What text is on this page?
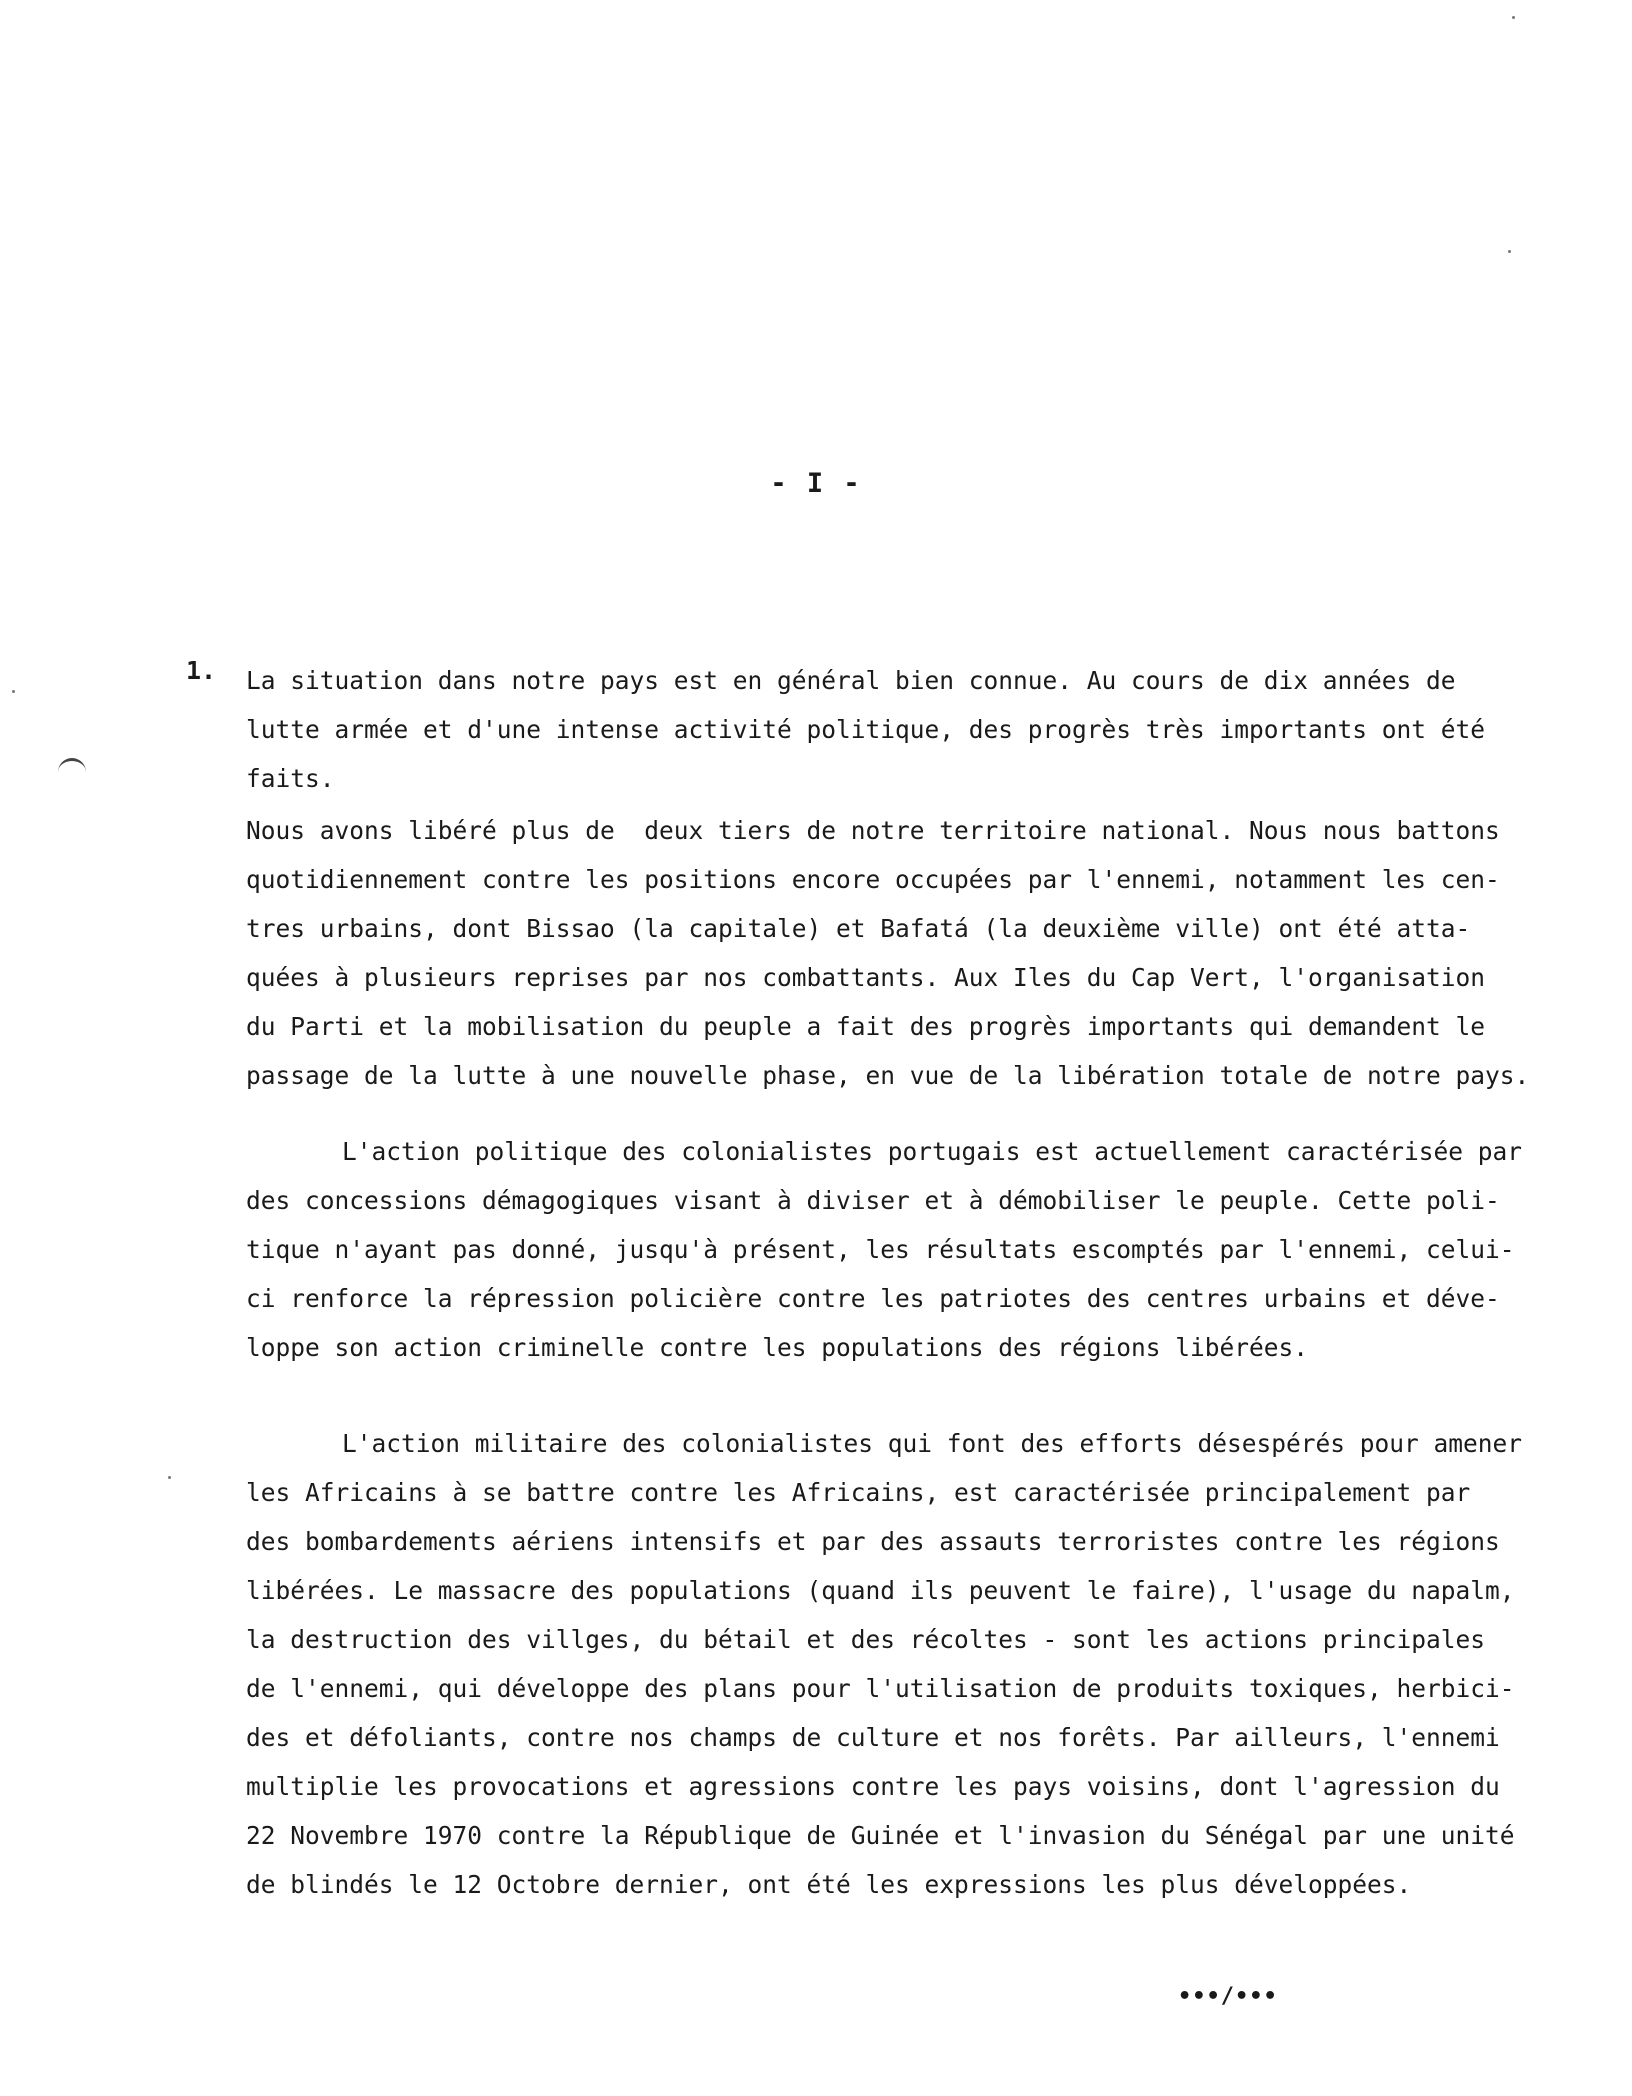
- I -
1. La situation dans notre pays est en général bien connue. Au cours de dix années de
lutte armée et d'une intense activité politique, des progrès très importants ont été
faits.
Nous avons libéré plus de  deux tiers de notre territoire national. Nous nous battons
quotidiennement contre les positions encore occupées par l'ennemi, notamment les cen-
tres urbains, dont Bissao (la capitale) et Bafatá (la deuxième ville) ont été atta-
quées à plusieurs reprises par nos combattants. Aux Iles du Cap Vert, l'organisation
du Parti et la mobilisation du peuple a fait des progrès importants qui demandent le
passage de la lutte à une nouvelle phase, en vue de la libération totale de notre pays.
L'action politique des colonialistes portugais est actuellement caractérisée par
des concessions démagogiques visant à diviser et à démobiliser le peuple. Cette poli-
tique n'ayant pas donné, jusqu'à présent, les résultats escomptés par l'ennemi, celui-
ci renforce la répression policière contre les patriotes des centres urbains et déve-
loppe son action criminelle contre les populations des régions libérées.
L'action militaire des colonialistes qui font des efforts désespérés pour amener
les Africains à se battre contre les Africains, est caractérisée principalement par
des bombardements aériens intensifs et par des assauts terroristes contre les régions
libérées. Le massacre des populations (quand ils peuvent le faire), l'usage du napalm,
la destruction des villges, du bétail et des récoltes - sont les actions principales
de l'ennemi, qui développe des plans pour l'utilisation de produits toxiques, herbici-
des et défoliants, contre nos champs de culture et nos forêts. Par ailleurs, l'ennemi
multiplie les provocations et agressions contre les pays voisins, dont l'agression du
22 Novembre 1970 contre la République de Guinée et l'invasion du Sénégal par une unité
de blindés le 12 Octobre dernier, ont été les expressions les plus développées.
•••/•••
